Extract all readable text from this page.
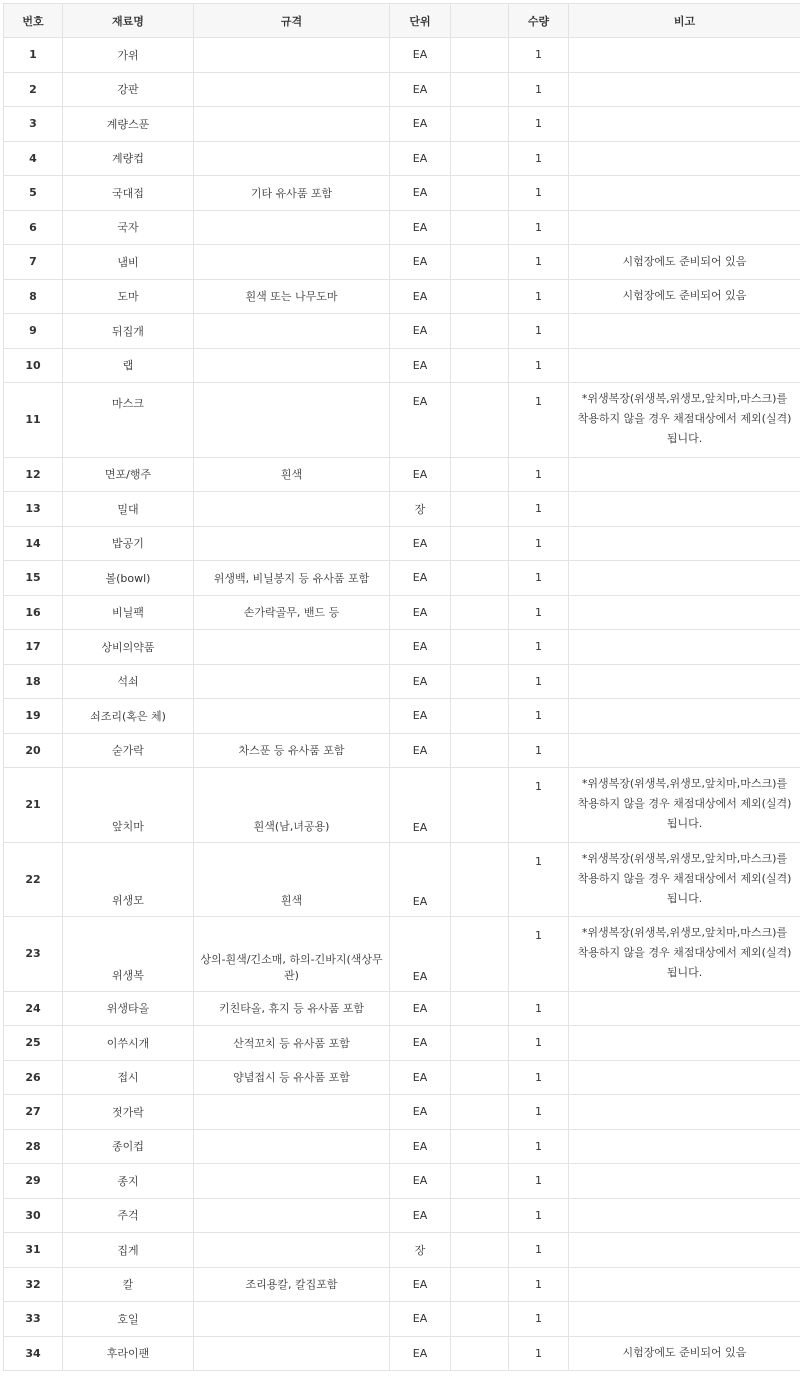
번호	재료명	규격	단위		수량	비고
1	가위		EA		1	
2	강판		EA		1	
3	계량스푼		EA		1	
4	계량컵		EA		1	
5	국대접	기타 유사품 포함	EA		1	
6	국자		EA		1	
7	냄비		EA		1	시험장에도 준비되어 있음
8	도마	흰색 또는 나무도마	EA		1	시험장에도 준비되어 있음
9	뒤집개		EA		1	
10	랩		EA		1	
11	마스크		EA		1	*위생복장(위생복,위생모,앞치마,마스크)를 착용하지 않을 경우 채점대상에서 제외(실격)됩니다.
12	면포/행주	흰색	EA		1	
13	밀대		장		1	
14	밥공기		EA		1	
15	볼(bowl)	위생백, 비닐봉지 등 유사품 포함	EA		1	
16	비닐팩	손가락골무, 밴드 등	EA		1	
17	상비의약품		EA		1	
18	석쇠		EA		1	
19	쇠조리(혹은 체)		EA		1	
20	숟가락	차스푼 등 유사품 포함	EA		1	
21	앞치마	흰색(남,녀공용)	EA		1	*위생복장(위생복,위생모,앞치마,마스크)를 착용하지 않을 경우 채점대상에서 제외(실격)됩니다.
22	위생모	흰색	EA		1	*위생복장(위생복,위생모,앞치마,마스크)를 착용하지 않을 경우 채점대상에서 제외(실격)됩니다.
23	위생복	상의-흰색/긴소매, 하의-긴바지(색상무관)	EA		1	*위생복장(위생복,위생모,앞치마,마스크)를 착용하지 않을 경우 채점대상에서 제외(실격)됩니다.
24	위생타올	키친타올, 휴지 등 유사품 포함	EA		1	
25	이쑤시개	산적꼬치 등 유사품 포함	EA		1	
26	접시	양념접시 등 유사품 포함	EA		1	
27	젓가락		EA		1	
28	종이컵		EA		1	
29	종지		EA		1	
30	주걱		EA		1	
31	집게		장		1	
32	칼	조리용칼, 칼집포함	EA		1	
33	호일		EA		1	
34	후라이팬		EA		1	시험장에도 준비되어 있음
